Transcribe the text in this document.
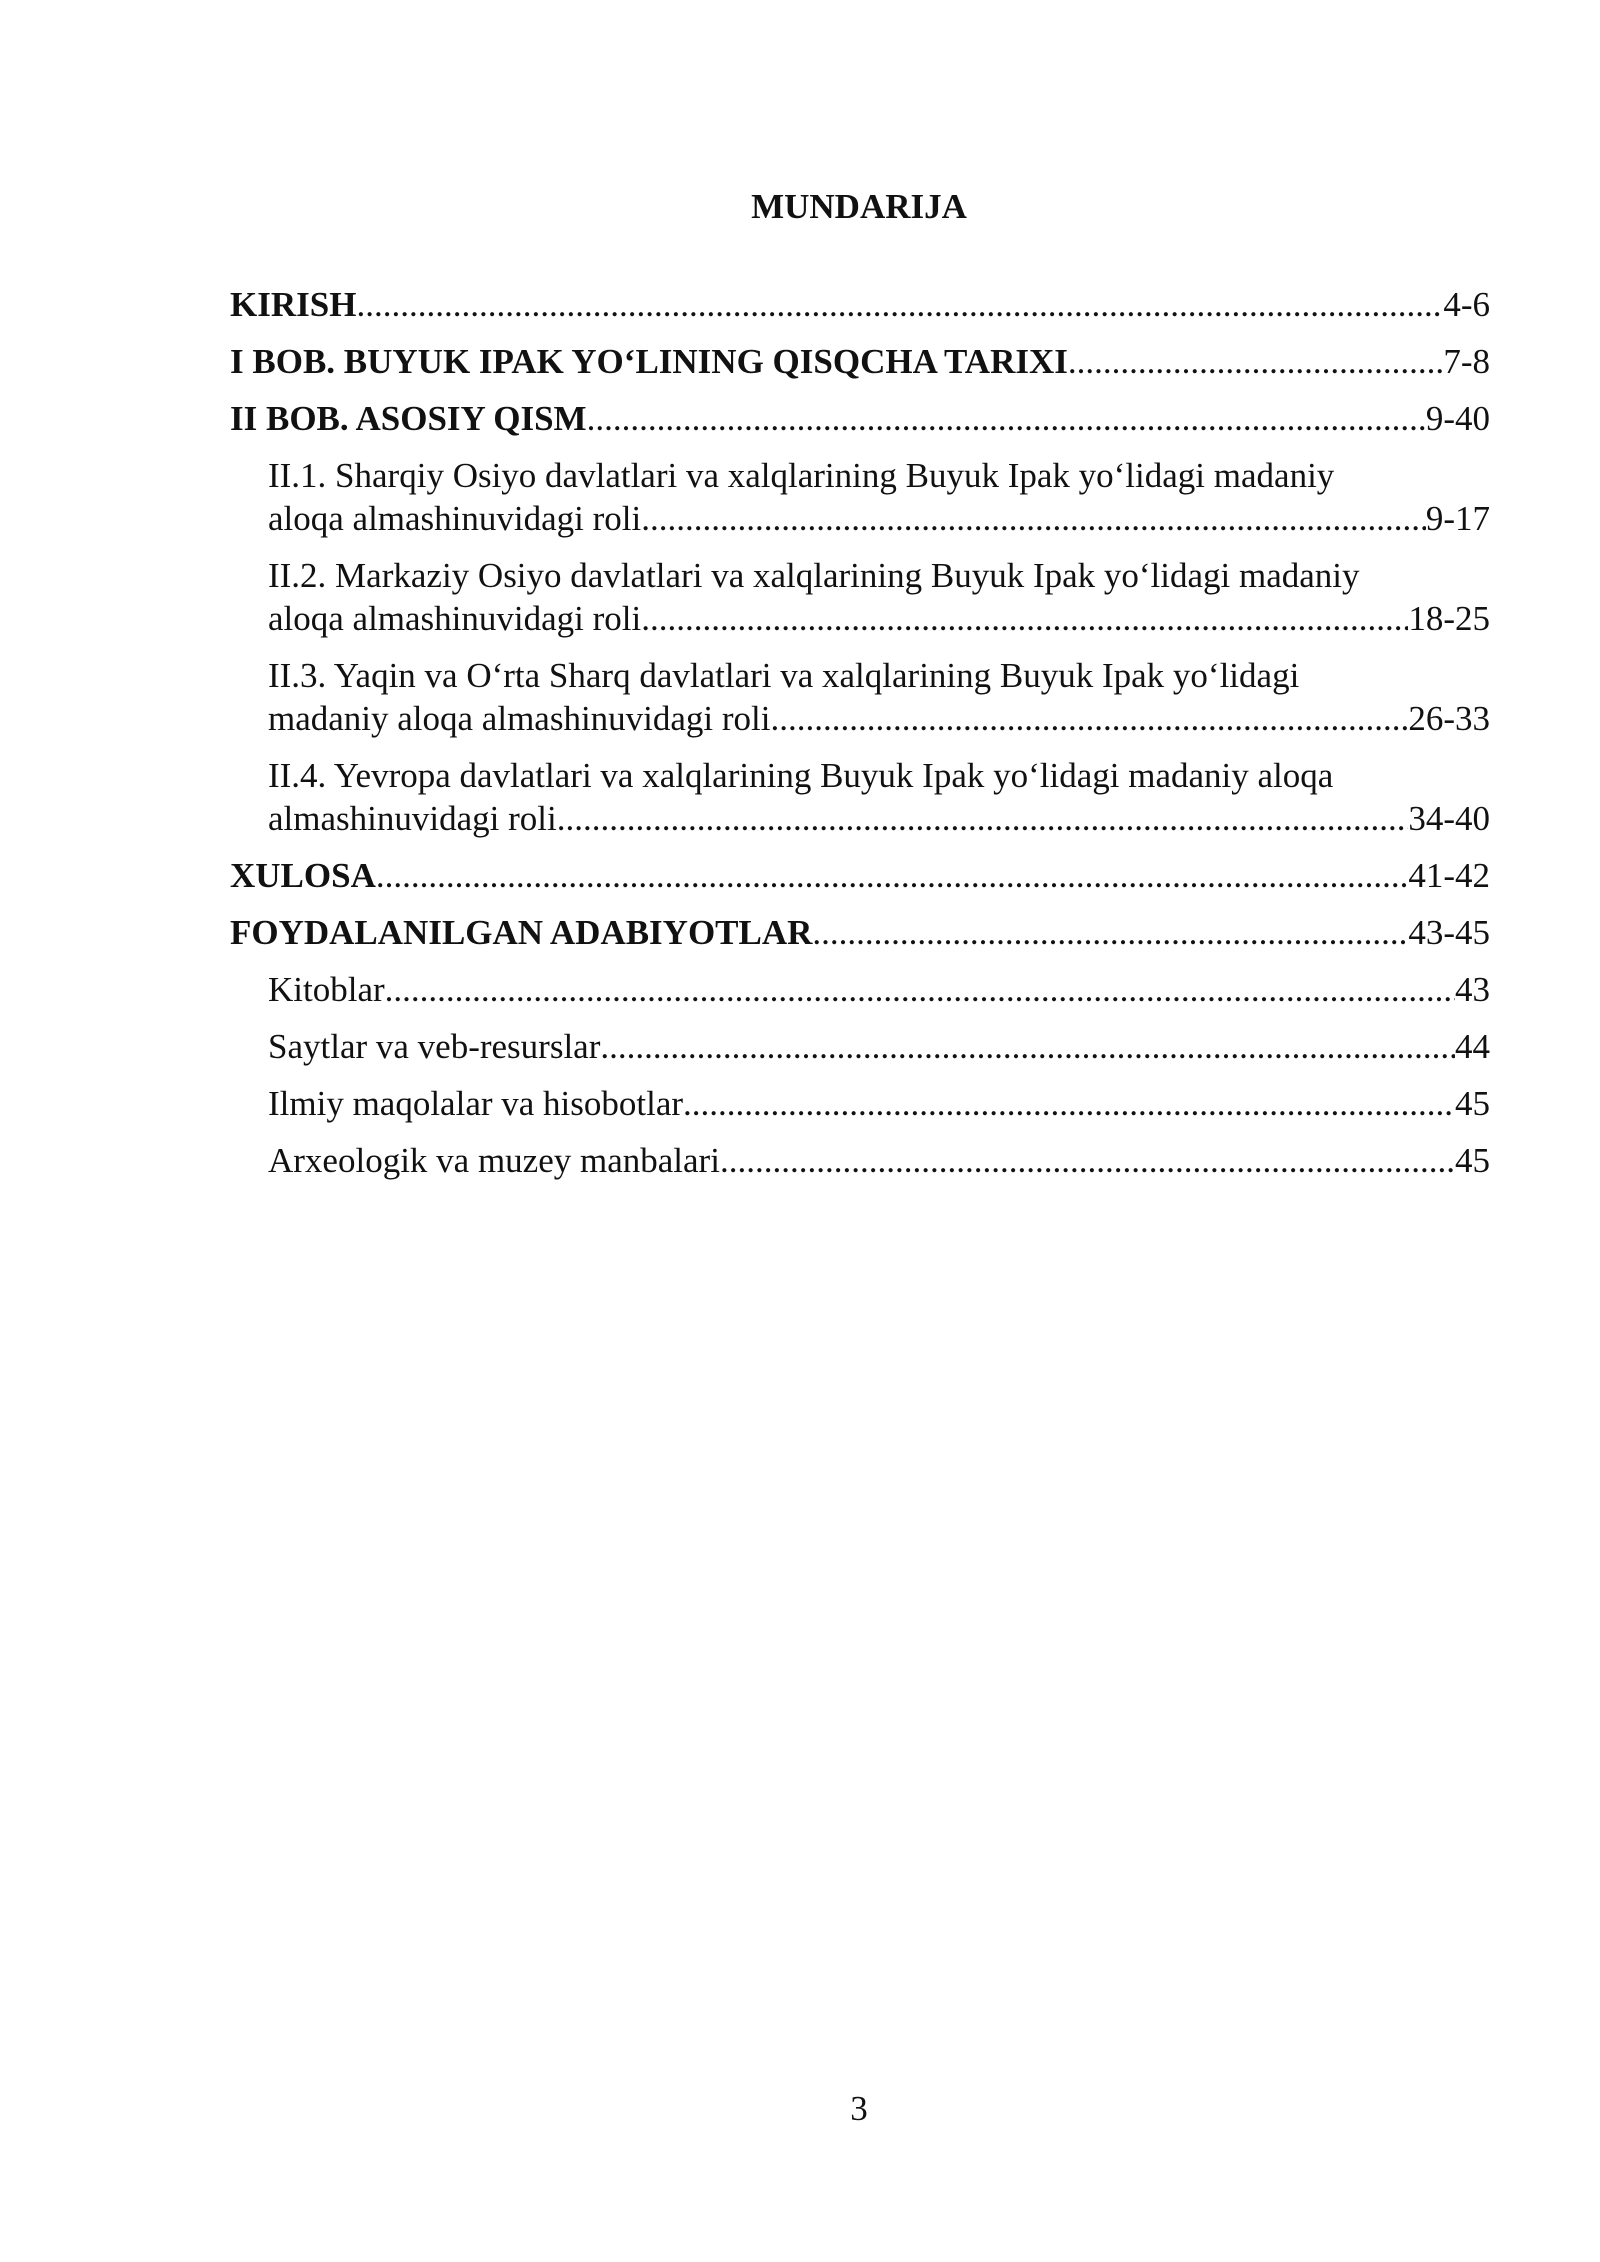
MUNDARIJA
KIRISH .....	4-6
I BOB. BUYUK IPAK YO‘LINING QISQCHA TARIXI .....	7-8
II BOB. ASOSIY QISM .....	9-40
II.1. Sharqiy Osiyo davlatlari va xalqlarining Buyuk Ipak yo‘lidagi madaniy
aloqa almashinuvidagi roli .....	9-17
II.2. Markaziy Osiyo davlatlari va xalqlarining Buyuk Ipak yo‘lidagi madaniy
aloqa almashinuvidagi roli .....	18-25
II.3. Yaqin va O‘rta Sharq davlatlari va xalqlarining Buyuk Ipak yo‘lidagi
madaniy aloqa almashinuvidagi roli .....	26-33
II.4. Yevropa davlatlari va xalqlarining Buyuk Ipak yo‘lidagi madaniy aloqa
almashinuvidagi roli .....	34-40
XULOSA .....	41-42
FOYDALANILGAN ADABIYOTLAR .....	43-45
Kitoblar .....	43
Saytlar va veb-resurslar .....	44
Ilmiy maqolalar va hisobotlar .....	45
Arxeologik va muzey manbalari .....	45
3
